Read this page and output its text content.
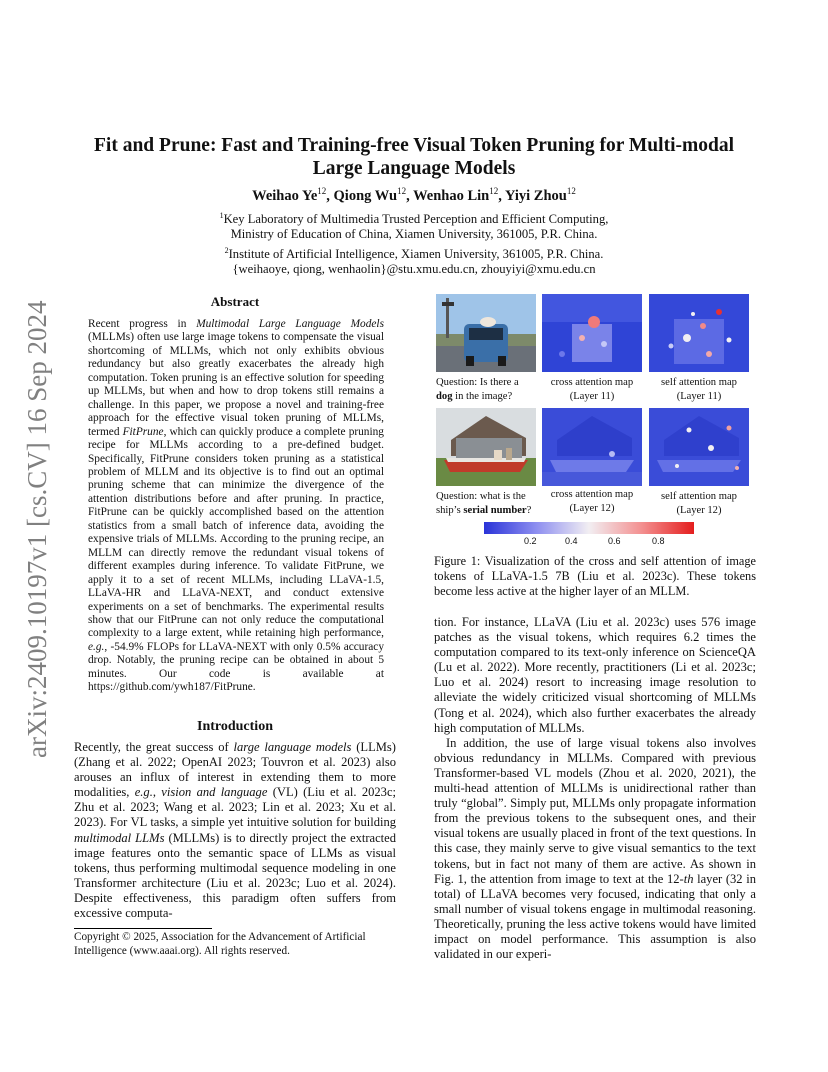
arXiv:2409.10197v1 [cs.CV] 16 Sep 2024
Fit and Prune: Fast and Training-free Visual Token Pruning for Multi-modal Large Language Models
Weihao Ye$^{12}$, Qiong Wu$^{12}$, Wenhao Lin$^{12}$, Yiyi Zhou$^{12}$
$^1$Key Laboratory of Multimedia Trusted Perception and Efficient Computing,
Ministry of Education of China, Xiamen University, 361005, P.R. China.
$^2$Institute of Artificial Intelligence, Xiamen University, 361005, P.R. China.
{weihaoye, qiong, wenhaolin}@stu.xmu.edu.cn, zhouyiyi@xmu.edu.cn
Abstract
Recent progress in Multimodal Large Language Models (MLLMs) often use large image tokens to compensate the visual shortcoming of MLLMs, which not only exhibits obvious redundancy but also greatly exacerbates the already high computation. Token pruning is an effective solution for speeding up MLLMs, but when and how to drop tokens still remains a challenge. In this paper, we propose a novel and training-free approach for the effective visual token pruning of MLLMs, termed FitPrune, which can quickly produce a complete pruning recipe for MLLMs according to a pre-defined budget. Specifically, FitPrune considers token pruning as a statistical problem of MLLM and its objective is to find out an optimal pruning scheme that can minimize the divergence of the attention distributions before and after pruning. In practice, FitPrune can be quickly accomplished based on the attention statistics from a small batch of inference data, avoiding the expensive trials of MLLMs. According to the pruning recipe, an MLLM can directly remove the redundant visual tokens of different examples during inference. To validate FitPrune, we apply it to a set of recent MLLMs, including LLaVA-1.5, LLaVA-HR and LLaVA-NEXT, and conduct extensive experiments on a set of benchmarks. The experimental results show that our FitPrune can not only reduce the computational complexity to a large extent, while retaining high performance, e.g., -54.9% FLOPs for LLaVA-NEXT with only 0.5% accuracy drop. Notably, the pruning recipe can be obtained in about 5 minutes. Our code is available at https://github.com/ywh187/FitPrune.
Introduction
Recently, the great success of large language models (LLMs) (Zhang et al. 2022; OpenAI 2023; Touvron et al. 2023) also arouses an influx of interest in extending them to more modalities, e.g., vision and language (VL) (Liu et al. 2023c; Zhu et al. 2023; Wang et al. 2023; Lin et al. 2023; Xu et al. 2023). For VL tasks, a simple yet intuitive solution for building multimodal LLMs (MLLMs) is to directly project the extracted image features onto the semantic space of LLMs as visual tokens, thus performing multimodal sequence modeling in one Transformer architecture (Liu et al. 2023c; Luo et al. 2024). Despite effectiveness, this paradigm often suffers from excessive computa-
Copyright © 2025, Association for the Advancement of Artificial Intelligence (www.aaai.org). All rights reserved.
Question: Is there a
dog in the image?
cross attention map
(Layer 11)
self attention map
(Layer 11)
Question: what is the
ship’s serial number?
cross attention map
(Layer 12)
self attention map
(Layer 12)
0.2	0.4	0.6	0.8
Figure 1: Visualization of the cross and self attention of image tokens of LLaVA-1.5 7B (Liu et al. 2023c). These tokens become less active at the higher layer of an MLLM.

tion. For instance, LLaVA (Liu et al. 2023c) uses 576 image patches as the visual tokens, which requires 6.2 times the computation compared to its text-only inference on ScienceQA (Lu et al. 2022). More recently, practitioners (Li et al. 2023c; Luo et al. 2024) resort to increasing image resolution to alleviate the widely criticized visual shortcoming of MLLMs (Tong et al. 2024), which also further exacerbates the already high computation of MLLMs.

In addition, the use of large visual tokens also involves obvious redundancy in MLLMs. Compared with previous Transformer-based VL models (Zhou et al. 2020, 2021), the multi-head attention of MLLMs is unidirectional rather than truly “global”. Simply put, MLLMs only propagate information from the previous tokens to the subsequent ones, and their visual tokens are usually placed in front of the text questions. In this case, they mainly serve to give visual semantics to the text tokens, but in fact not many of them are active. As shown in Fig. 1, the attention from image to text at the 12-th layer (32 in total) of LLaVA becomes very focused, indicating that only a small number of visual tokens engage in multimodal reasoning. Theoretically, pruning the less active tokens would have limited impact on model performance. This assumption is also validated in our experi-
